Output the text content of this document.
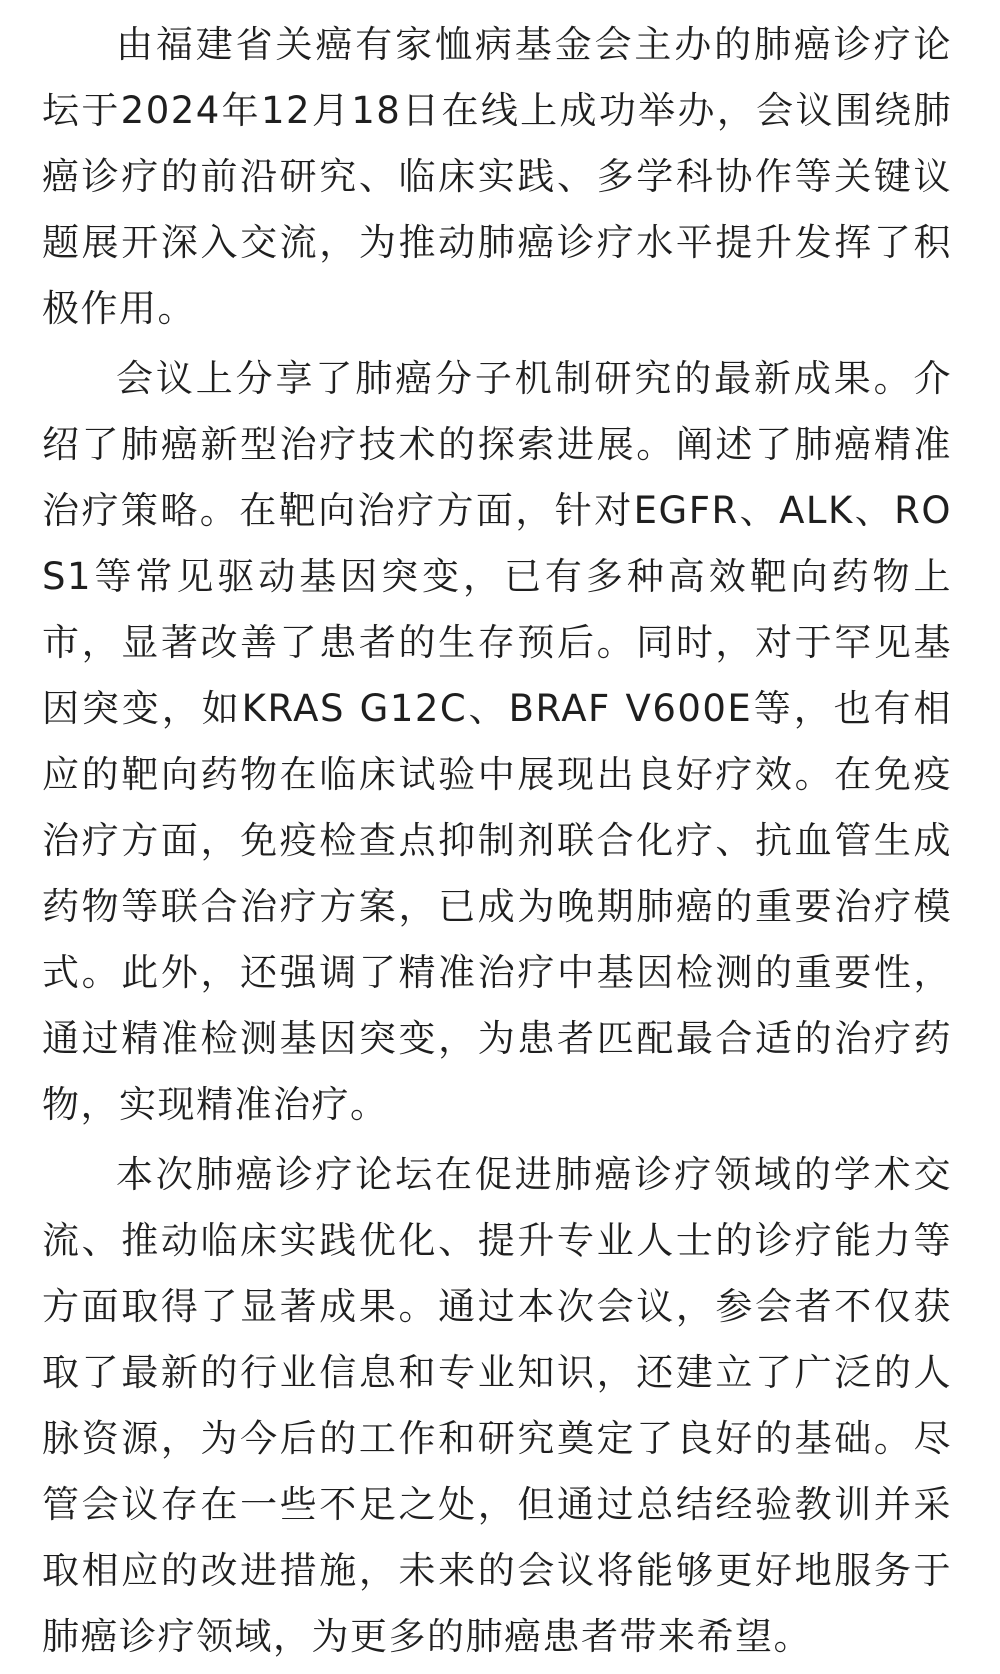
由福建省关癌有家恤病基金会主办的肺癌诊疗论坛于2024年12月18日在线上成功举办，会议围绕肺癌诊疗的前沿研究、临床实践、多学科协作等关键议题展开深入交流，为推动肺癌诊疗水平提升发挥了积极作用。

会议上分享了肺癌分子机制研究的最新成果。介绍了肺癌新型治疗技术的探索进展。阐述了肺癌精准治疗策略。在靶向治疗方面，针对EGFR、ALK、ROS1等常见驱动基因突变，已有多种高效靶向药物上市，显著改善了患者的生存预后。同时，对于罕见基因突变，如KRAS G12C、BRAF V600E等，也有相应的靶向药物在临床试验中展现出良好疗效。在免疫治疗方面，免疫检查点抑制剂联合化疗、抗血管生成药物等联合治疗方案，已成为晚期肺癌的重要治疗模式。此外，还强调了精准治疗中基因检测的重要性，通过精准检测基因突变，为患者匹配最合适的治疗药物，实现精准治疗。

本次肺癌诊疗论坛在促进肺癌诊疗领域的学术交流、推动临床实践优化、提升专业人士的诊疗能力等方面取得了显著成果。通过本次会议，参会者不仅获取了最新的行业信息和专业知识，还建立了广泛的人脉资源，为今后的工作和研究奠定了良好的基础。尽管会议存在一些不足之处，但通过总结经验教训并采取相应的改进措施，未来的会议将能够更好地服务于肺癌诊疗领域，为更多的肺癌患者带来希望。
